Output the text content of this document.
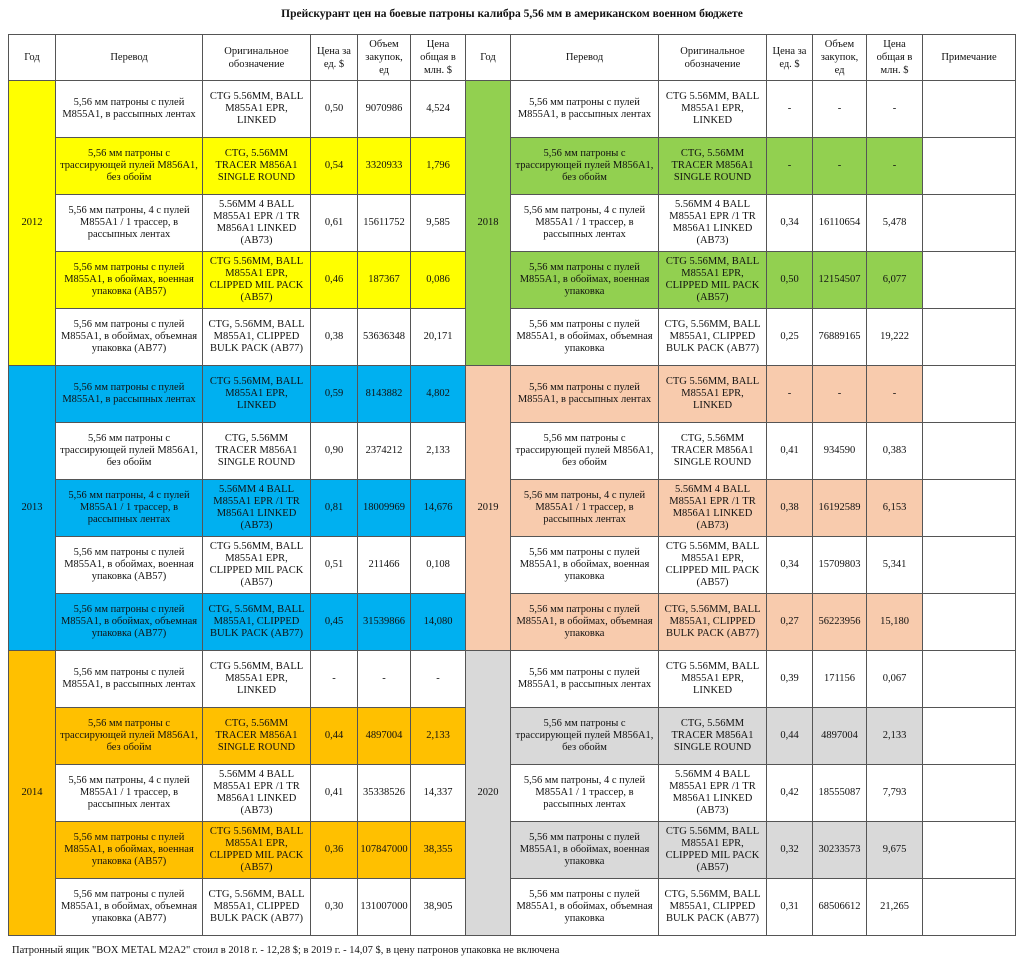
Прейскурант цен на боевые патроны калибра 5,56 мм в американском военном бюджете
Год	Перевод	Оригинальное обозначение	Цена за ед. $	Объем закупок, ед	Цена общая в млн. $	Год	Перевод	Оригинальное обозначение	Цена за ед. $	Объем закупок, ед	Цена общая в млн. $	Примечание
2012	5,56 мм патроны с пулей M855A1, в рассыпных лентах	CTG 5.56MM, BALL M855A1 EPR, LINKED	0,50	9070986	4,524	2018	5,56 мм патроны с пулей M855A1, в рассыпных лентах	CTG 5.56MM, BALL M855A1 EPR, LINKED	-	-	-	
	5,56 мм патроны с трассирующей пулей M856A1, без обойм	CTG, 5.56MM TRACER M856A1 SINGLE ROUND	0,54	3320933	1,796		5,56 мм патроны с трассирующей пулей M856A1, без обойм	CTG, 5.56MM TRACER M856A1 SINGLE ROUND	-	-	-	
	5,56 мм патроны, 4 с пулей M855A1 / 1 трассер, в рассыпных лентах	5.56MM 4 BALL M855A1 EPR /1 TR M856A1 LINKED (AB73)	0,61	15611752	9,585		5,56 мм патроны, 4 с пулей M855A1 / 1 трассер, в рассыпных лентах	5.56MM 4 BALL M855A1 EPR /1 TR M856A1 LINKED (AB73)	0,34	16110654	5,478	
	5,56 мм патроны с пулей M855A1, в обоймах, военная упаковка (AB57)	CTG 5.56MM, BALL M855A1 EPR, CLIPPED MIL PACK (AB57)	0,46	187367	0,086		5,56 мм патроны с пулей M855A1, в обоймах, военная упаковка	CTG 5.56MM, BALL M855A1 EPR, CLIPPED MIL PACK (AB57)	0,50	12154507	6,077	
	5,56 мм патроны с пулей M855A1, в обоймах, объемная упаковка (AB77)	CTG, 5.56MM, BALL M855A1, CLIPPED BULK PACK (AB77)	0,38	53636348	20,171		5,56 мм патроны с пулей M855A1, в обоймах, объемная упаковка	CTG, 5.56MM, BALL M855A1, CLIPPED BULK PACK (AB77)	0,25	76889165	19,222	
2013	5,56 мм патроны с пулей M855A1, в рассыпных лентах	CTG 5.56MM, BALL M855A1 EPR, LINKED	0,59	8143882	4,802	2019	5,56 мм патроны с пулей M855A1, в рассыпных лентах	CTG 5.56MM, BALL M855A1 EPR, LINKED	-	-	-	
	5,56 мм патроны с трассирующей пулей M856A1, без обойм	CTG, 5.56MM TRACER M856A1 SINGLE ROUND	0,90	2374212	2,133		5,56 мм патроны с трассирующей пулей M856A1, без обойм	CTG, 5.56MM TRACER M856A1 SINGLE ROUND	0,41	934590	0,383	
	5,56 мм патроны, 4 с пулей M855A1 / 1 трассер, в рассыпных лентах	5.56MM 4 BALL M855A1 EPR /1 TR M856A1 LINKED (AB73)	0,81	18009969	14,676		5,56 мм патроны, 4 с пулей M855A1 / 1 трассер, в рассыпных лентах	5.56MM 4 BALL M855A1 EPR /1 TR M856A1 LINKED (AB73)	0,38	16192589	6,153	
	5,56 мм патроны с пулей M855A1, в обоймах, военная упаковка (AB57)	CTG 5.56MM, BALL M855A1 EPR, CLIPPED MIL PACK (AB57)	0,51	211466	0,108		5,56 мм патроны с пулей M855A1, в обоймах, военная упаковка	CTG 5.56MM, BALL M855A1 EPR, CLIPPED MIL PACK (AB57)	0,34	15709803	5,341	
	5,56 мм патроны с пулей M855A1, в обоймах, объемная упаковка (AB77)	CTG, 5.56MM, BALL M855A1, CLIPPED BULK PACK (AB77)	0,45	31539866	14,080		5,56 мм патроны с пулей M855A1, в обоймах, объемная упаковка	CTG, 5.56MM, BALL M855A1, CLIPPED BULK PACK (AB77)	0,27	56223956	15,180	
2014	5,56 мм патроны с пулей M855A1, в рассыпных лентах	CTG 5.56MM, BALL M855A1 EPR, LINKED	-	-	-	2020	5,56 мм патроны с пулей M855A1, в рассыпных лентах	CTG 5.56MM, BALL M855A1 EPR, LINKED	0,39	171156	0,067	
	5,56 мм патроны с трассирующей пулей M856A1, без обойм	CTG, 5.56MM TRACER M856A1 SINGLE ROUND	0,44	4897004	2,133		5,56 мм патроны с трассирующей пулей M856A1, без обойм	CTG, 5.56MM TRACER M856A1 SINGLE ROUND	0,44	4897004	2,133	
	5,56 мм патроны, 4 с пулей M855A1 / 1 трассер, в рассыпных лентах	5.56MM 4 BALL M855A1 EPR /1 TR M856A1 LINKED (AB73)	0,41	35338526	14,337		5,56 мм патроны, 4 с пулей M855A1 / 1 трассер, в рассыпных лентах	5.56MM 4 BALL M855A1 EPR /1 TR M856A1 LINKED (AB73)	0,42	18555087	7,793	
	5,56 мм патроны с пулей M855A1, в обоймах, военная упаковка (AB57)	CTG 5.56MM, BALL M855A1 EPR, CLIPPED MIL PACK (AB57)	0,36	107847000	38,355		5,56 мм патроны с пулей M855A1, в обоймах, военная упаковка	CTG 5.56MM, BALL M855A1 EPR, CLIPPED MIL PACK (AB57)	0,32	30233573	9,675	
	5,56 мм патроны с пулей M855A1, в обоймах, объемная упаковка (AB77)	CTG, 5.56MM, BALL M855A1, CLIPPED BULK PACK (AB77)	0,30	131007000	38,905		5,56 мм патроны с пулей M855A1, в обоймах, объемная упаковка	CTG, 5.56MM, BALL M855A1, CLIPPED BULK PACK (AB77)	0,31	68506612	21,265	
Патронный ящик "BOX METAL M2A2" стоил в 2018 г. - 12,28 $; в 2019 г. - 14,07 $, в цену патронов упаковка не включена
